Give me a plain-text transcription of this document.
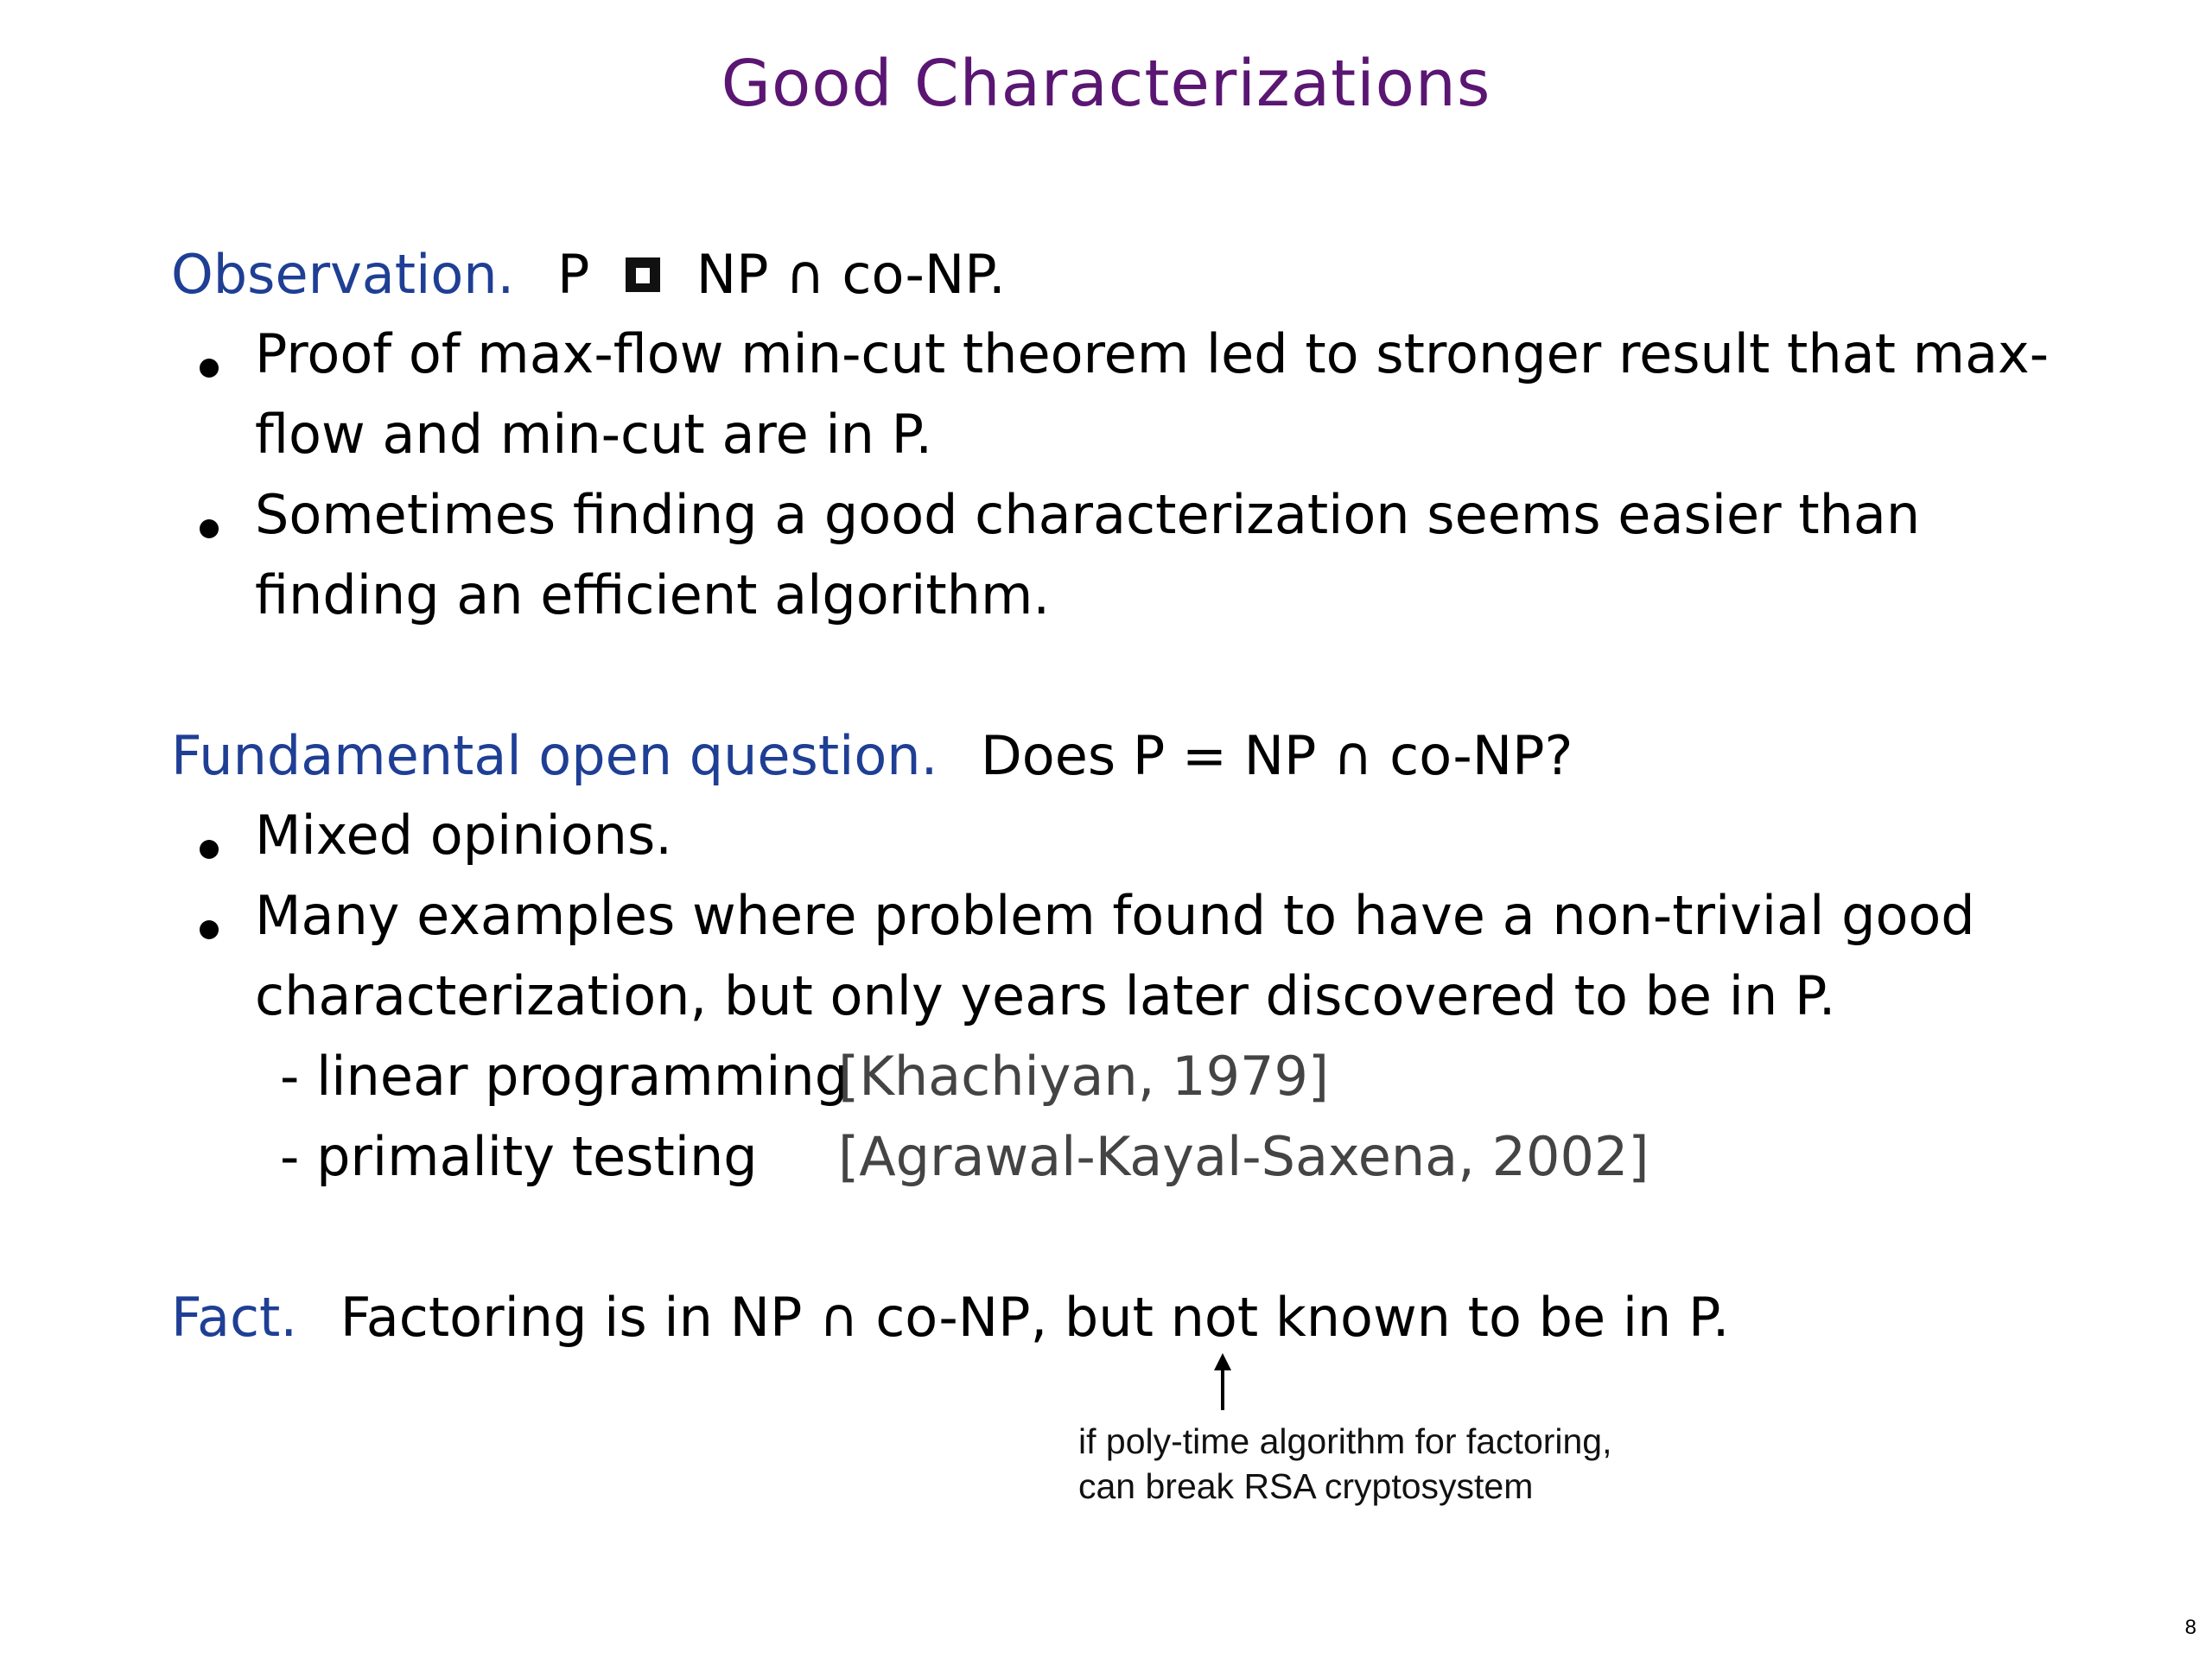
Good Characterizations
Observation. P NP ∩ co-NP.
Proof of max-flow min-cut theorem led to stronger result that max-
flow and min-cut are in P.
Sometimes finding a good characterization seems easier than
finding an efficient algorithm.
Fundamental open question. Does P = NP ∩ co-NP?
Mixed opinions.
Many examples where problem found to have a non-trivial good
characterization, but only years later discovered to be in P.
- linear programming
[Khachiyan, 1979]
- primality testing [Agrawal-Kayal-Saxena, 2002]
Fact. Factoring is in NP ∩ co-NP, but not known to be in P.
if poly-time algorithm for factoring,
can break RSA cryptosystem
8
